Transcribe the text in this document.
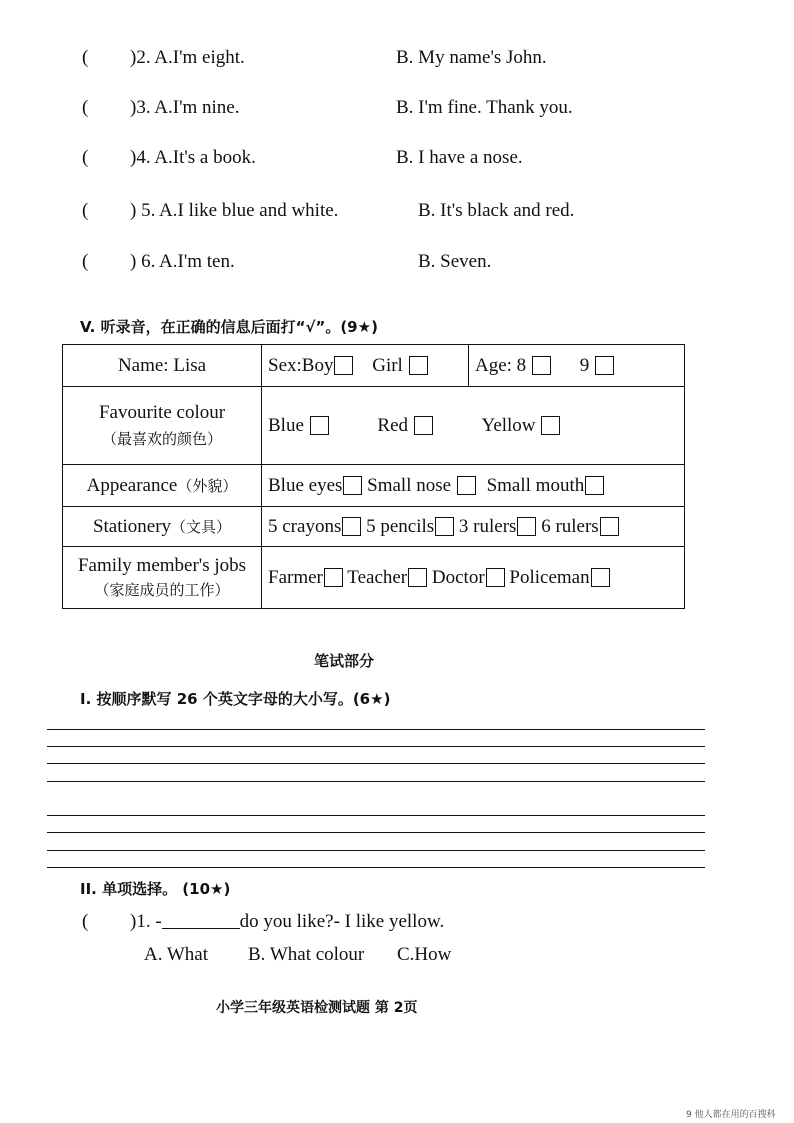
( )2. A.I'm eight.	B. My name's John.
( )3. A.I'm nine.	B. I'm fine. Thank you.
( )4. A.It's a book.	B. I have a nose.
( ) 5. A.I like blue and white.	B. It's black and red.
( ) 6. A.I'm ten.	B. Seven.
V. 听录音，在正确的信息后面打“√”。(9★)
Name: Lisa	Sex:Boy Girl	Age: 8 9

Favourite colour
（最喜欢的颜色）	Blue Red Yellow	
Appearance（外貌）	Blue eyes Small nose Small mouth	
Stationery（文具）	5 crayons 5 pencils 3 rulers 6 rulers	

Family member's jobs
（家庭成员的工作）	Farmer Teacher Doctor Policeman	
笔试部分
I. 按顺序默写 26 个英文字母的大小写。(6★)
II. 单项选择。 (10★)
( )1. -	do you like?- I like yellow.
A. What B. What colour C.How
小学三年级英语检测试题 第 2页
9 他人都在用的百搜科
